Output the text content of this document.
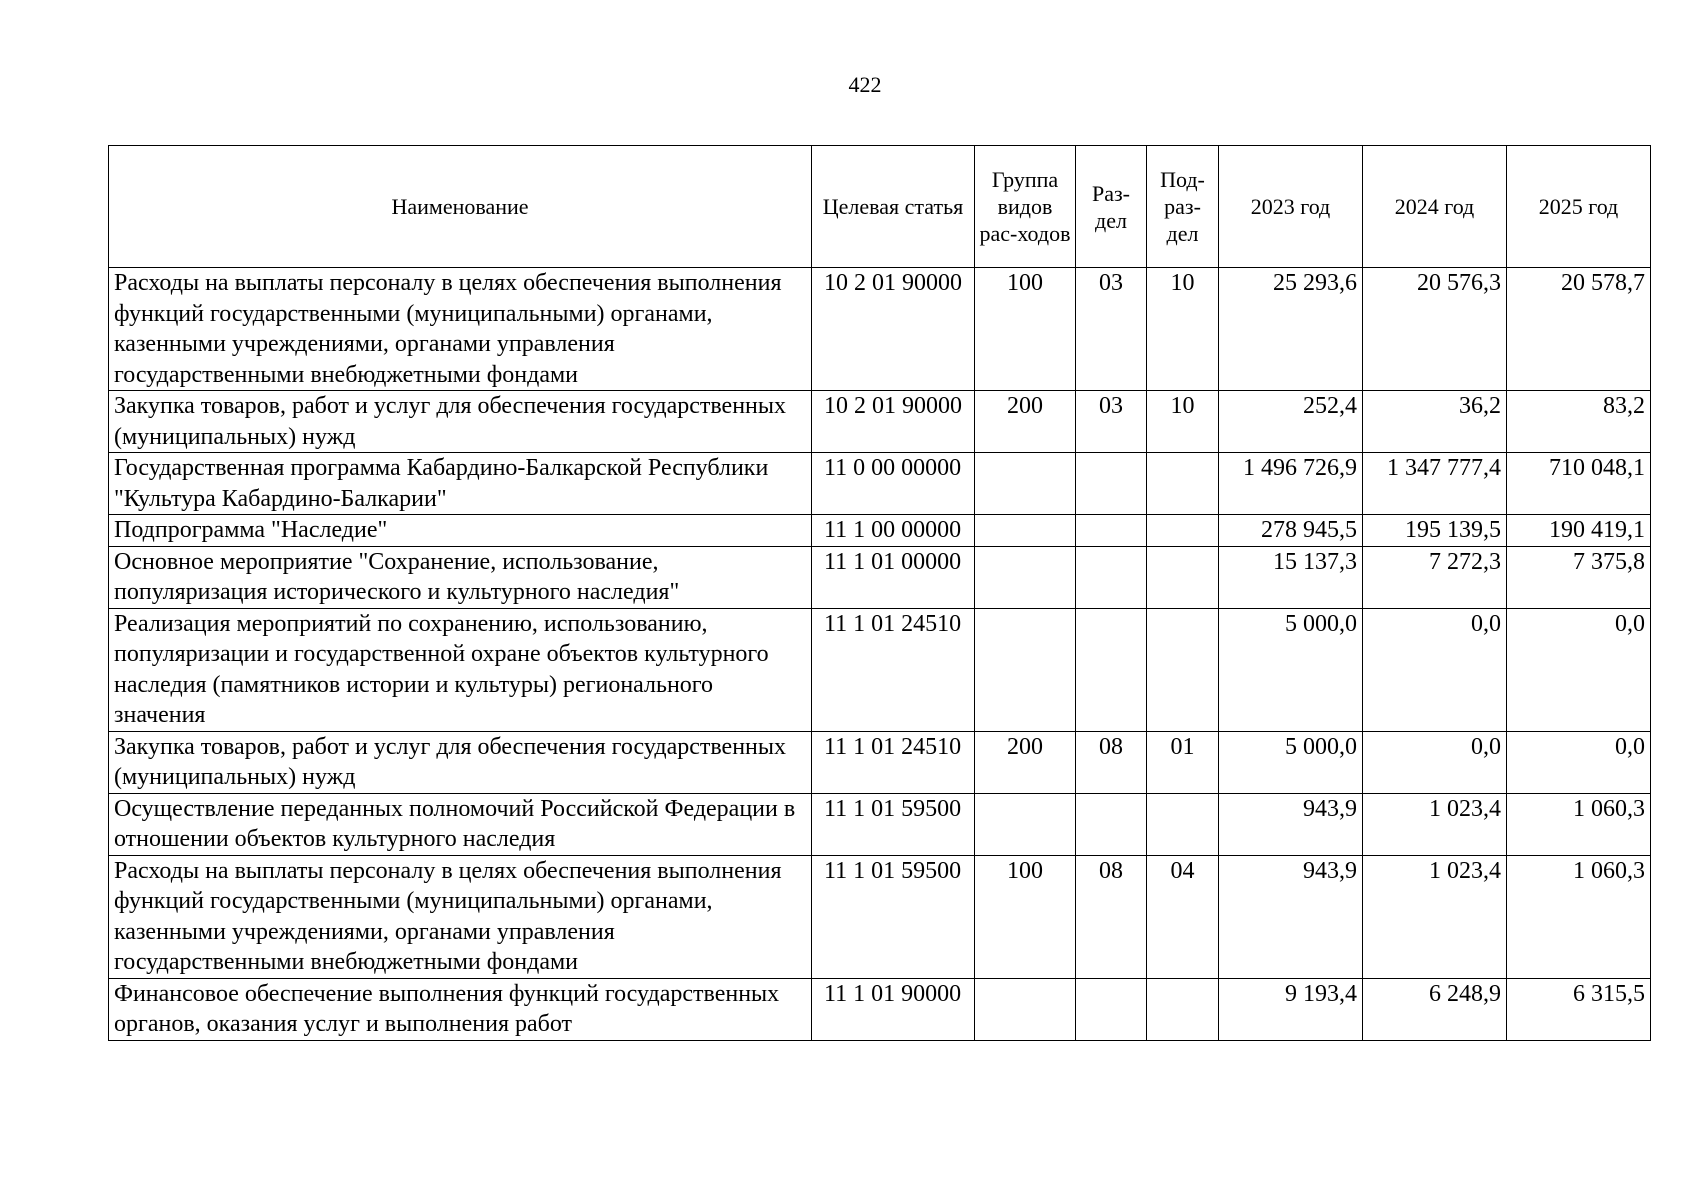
422
Наименование	Целевая статья	Группа видов рас-ходов	Раз-дел	Под-раз-дел	2023 год	2024 год	2025 год
Расходы на выплаты персоналу в целях обеспечения выполнения функций государственными (муниципальными) органами, казенными учреждениями, органами управления государственными внебюджетными фондами	10 2 01 90000	100	03	10	25 293,6	20 576,3	20 578,7
Закупка товаров, работ и услуг для обеспечения государственных (муниципальных) нужд	10 2 01 90000	200	03	10	252,4	36,2	83,2
Государственная программа Кабардино-Балкарской Республики "Культура Кабардино-Балкарии"	11 0 00 00000				1 496 726,9	1 347 777,4	710 048,1
Подпрограмма "Наследие"	11 1 00 00000				278 945,5	195 139,5	190 419,1
Основное мероприятие "Сохранение, использование, популяризация исторического и культурного наследия"	11 1 01 00000				15 137,3	7 272,3	7 375,8
Реализация мероприятий по сохранению, использованию, популяризации и государственной охране объектов культурного наследия (памятников истории и культуры) регионального значения	11 1 01 24510				5 000,0	0,0	0,0
Закупка товаров, работ и услуг для обеспечения государственных (муниципальных) нужд	11 1 01 24510	200	08	01	5 000,0	0,0	0,0
Осуществление переданных полномочий Российской Федерации в отношении объектов культурного наследия	11 1 01 59500				943,9	1 023,4	1 060,3
Расходы на выплаты персоналу в целях обеспечения выполнения функций государственными (муниципальными) органами, казенными учреждениями, органами управления государственными внебюджетными фондами	11 1 01 59500	100	08	04	943,9	1 023,4	1 060,3
Финансовое обеспечение выполнения функций государственных органов, оказания услуг и выполнения работ	11 1 01 90000				9 193,4	6 248,9	6 315,5
